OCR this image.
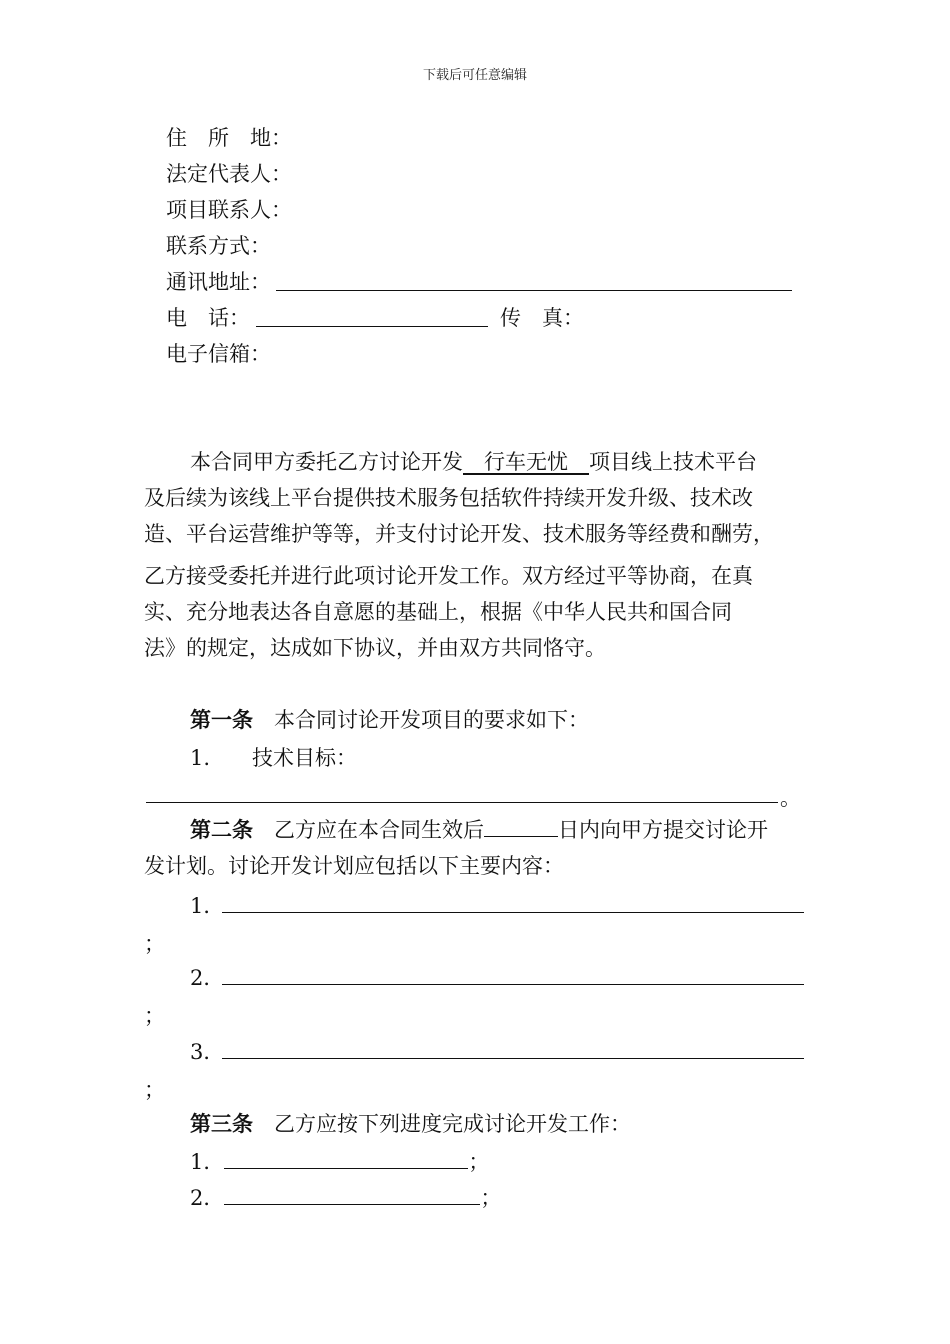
下载后可任意编辑
住　所　地：
法定代表人：
项目联系人：
联系方式：
通讯地址：
电　话：	传　真：
电子信箱：
本合同甲方委托乙方讨论开发　行车无忧　项目线上技术平台
及后续为该线上平台提供技术服务包括软件持续开发升级、技术改
造、平台运营维护等等，并支付讨论开发、技术服务等经费和酬劳，
乙方接受委托并进行此项讨论开发工作。双方经过平等协商，在真
实、充分地表达各自意愿的基础上，根据《中华人民共和国合同
法》的规定，达成如下协议，并由双方共同恪守。
第一条　 本合同讨论开发项目的要求如下：
1.　　 技术目标：
。
第二条　 乙方应在本合同生效后	日内向甲方提交讨论开
发计划。讨论开发计划应包括以下主要内容：
1．
；
2．
；
3．
；
第三条　 乙方应按下列进度完成讨论开发工作：
1．	；
2．	；
